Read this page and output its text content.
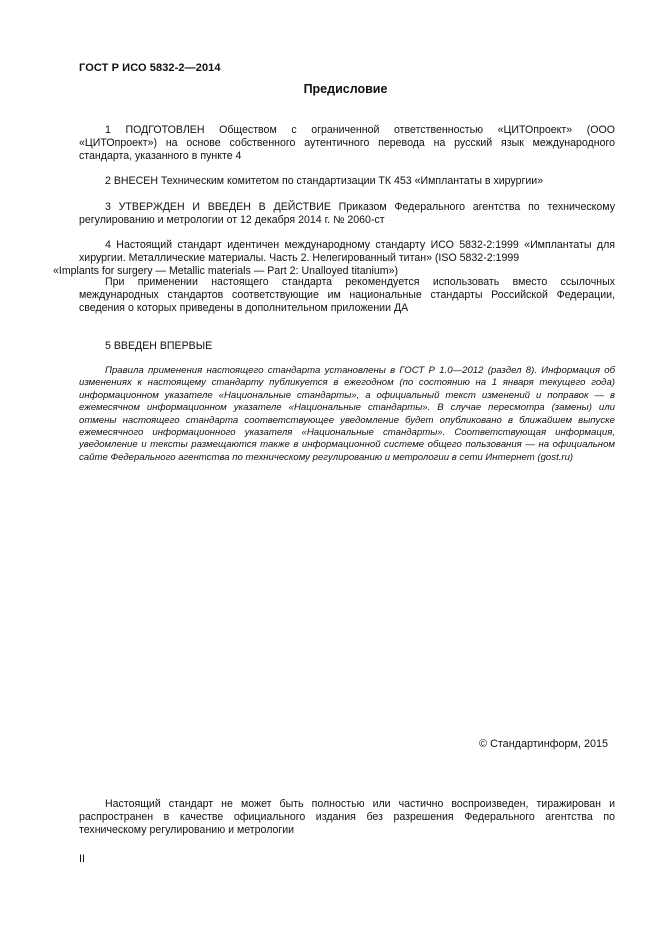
ГОСТ Р ИСО 5832-2—2014
Предисловие
1 ПОДГОТОВЛЕН Обществом с ограниченной ответственностью «ЦИТОпроект» (ООО
«ЦИТОпроект») на основе собственного аутентичного перевода на русский язык международного стандарта, указанного в пункте 4
2 ВНЕСЕН Техническим комитетом по стандартизации ТК 453 «Имплантаты в хирургии»
3 УТВЕРЖДЕН И ВВЕДЕН В ДЕЙСТВИЕ Приказом Федерального агентства по техническому регулированию и метрологии от 12 декабря 2014 г. № 2060-ст
4 Настоящий стандарт идентичен международному стандарту ИСО 5832-2:1999 «Имплантаты для хирургии. Металлические материалы. Часть 2. Нелегированный титан» (ISO 5832-2:1999
«Implants for surgery — Metallic materials — Part 2: Unalloyed titanium»)
При применении настоящего стандарта рекомендуется использовать вместо ссылочных международных стандартов соответствующие им национальные стандарты Российской Федерации, сведения о которых приведены в дополнительном приложении ДА
5 ВВЕДЕН ВПЕРВЫЕ
Правила применения настоящего стандарта установлены в ГОСТ Р 1.0—2012 (раздел 8). Информация об изменениях к настоящему стандарту публикуется в ежегодном (по состоянию на 1 января текущего года) информационном указателе «Национальные стандарты», а официальный текст изменений и поправок — в ежемесячном информационном указателе «Национальные стандарты». В случае пересмотра (замены) или отмены настоящего стандарта соответствующее уведомление будет опубликовано в ближайшем выпуске ежемесячного информационного указателя «Национальные стандарты». Соответствующая информация, уведомление и тексты размещаются также в информационной системе общего пользования — на официальном сайте Федерального агентства по техническому регулированию и метрологии в сети Интернет (gost.ru)
© Стандартинформ, 2015
Настоящий стандарт не может быть полностью или частично воспроизведен, тиражирован и распространен в качестве официального издания без разрешения Федерального агентства по техническому регулированию и метрологии
II
